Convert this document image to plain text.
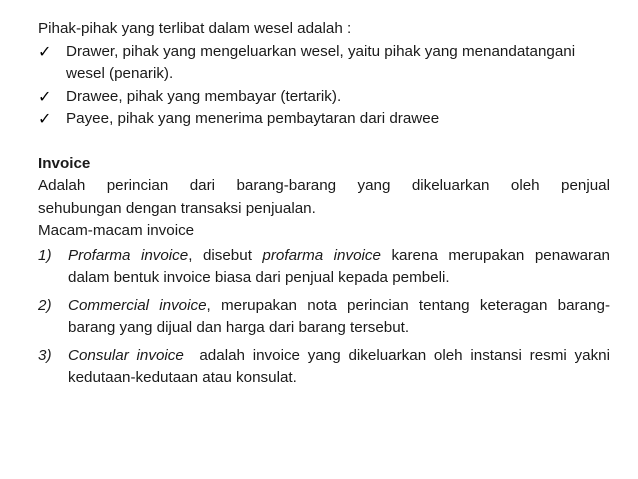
Pihak-pihak yang terlibat dalam wesel adalah :

✓ Drawer, pihak yang mengeluarkan wesel, yaitu pihak yang menandatangani wesel (penarik).

✓ Drawee, pihak yang membayar (tertarik).

✓ Payee, pihak yang menerima pembaytaran dari drawee

Invoice

Adalah perincian dari barang-barang yang dikeluarkan oleh penjual

sehubungan dengan transaksi penjualan.

Macam-macam invoice

1) Profarma invoice, disebut profarma invoice karena merupakan penawaran dalam bentuk invoice biasa dari penjual kepada pembeli.

2) Commercial invoice, merupakan nota perincian tentang keteragan barang-barang yang dijual dan harga dari barang tersebut.

3) Consular invoice  adalah invoice yang dikeluarkan oleh instansi resmi yakni kedutaan-kedutaan atau konsulat.
